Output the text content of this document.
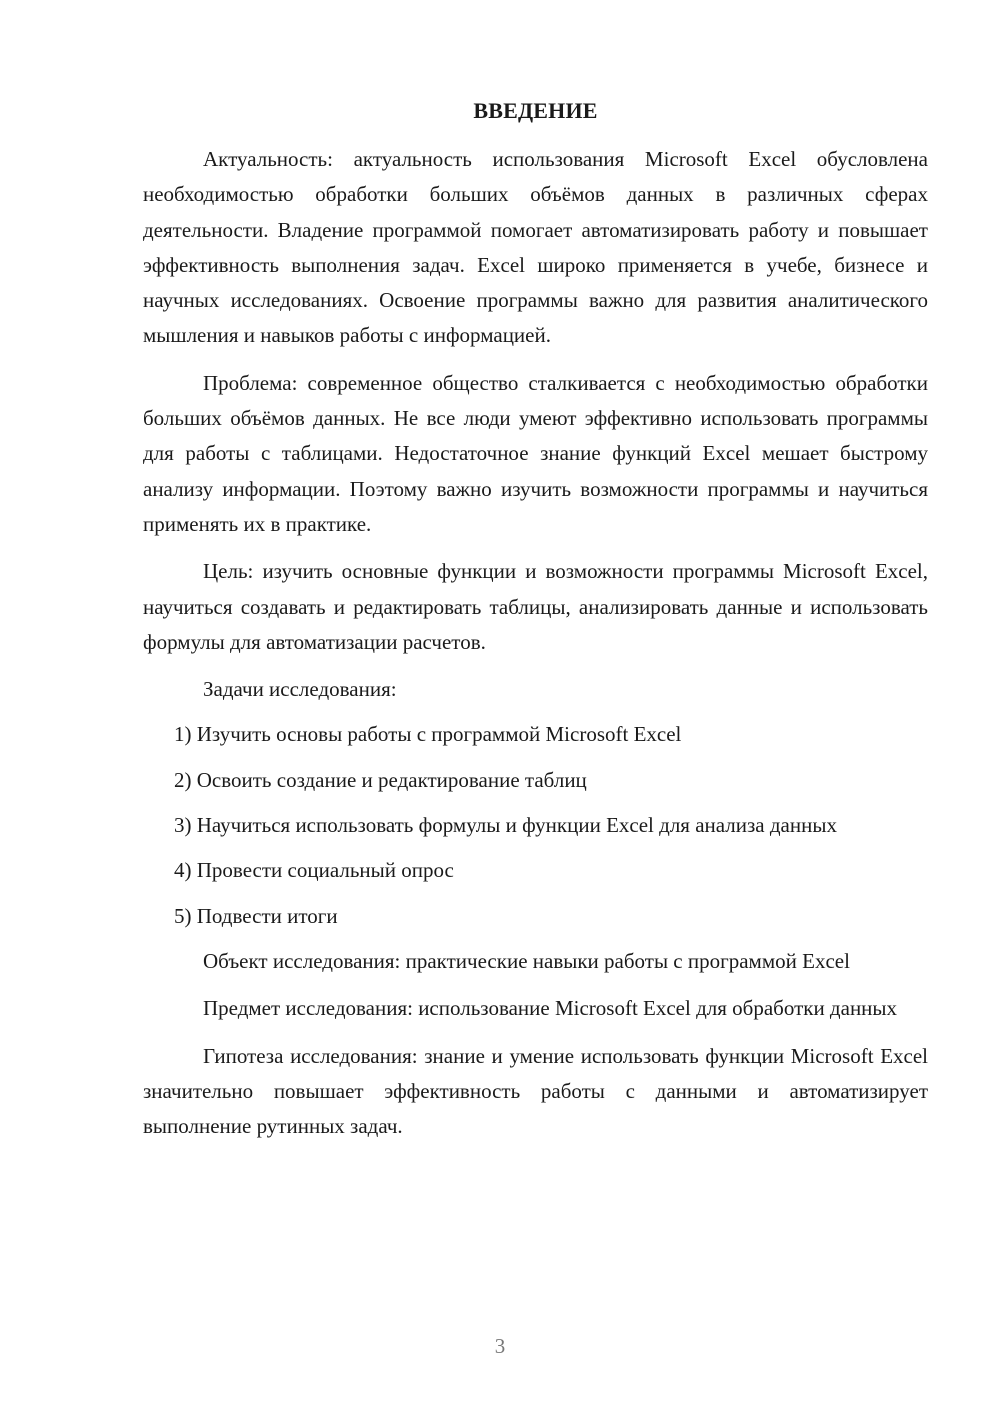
ВВЕДЕНИЕ

Актуальность: актуальность использования Microsoft Excel обусловлена необходимостью обработки больших объёмов данных в различных сферах деятельности. Владение программой помогает автоматизировать работу и повышает эффективность выполнения задач. Excel широко применяется в учебе, бизнесе и научных исследованиях. Освоение программы важно для развития аналитического мышления и навыков работы с информацией.

Проблема: современное общество сталкивается с необходимостью обработки больших объёмов данных. Не все люди умеют эффективно использовать программы для работы с таблицами. Недостаточное знание функций Excel мешает быстрому анализу информации. Поэтому важно изучить возможности программы и научиться применять их в практике.

Цель: изучить основные функции и возможности программы Microsoft Excel, научиться создавать и редактировать таблицы, анализировать данные и использовать формулы для автоматизации расчетов.

Задачи исследования:

1) Изучить основы работы с программой Microsoft Excel

2) Освоить создание и редактирование таблиц

3) Научиться использовать формулы и функции Excel для анализа данных

4) Провести социальный опрос

5) Подвести итоги

Объект исследования: практические навыки работы с программой Excel

Предмет исследования: использование Microsoft Excel для обработки данных

Гипотеза исследования: знание и умение использовать функции Microsoft Excel значительно повышает эффективность работы с данными и автоматизирует выполнение рутинных задач.

3
